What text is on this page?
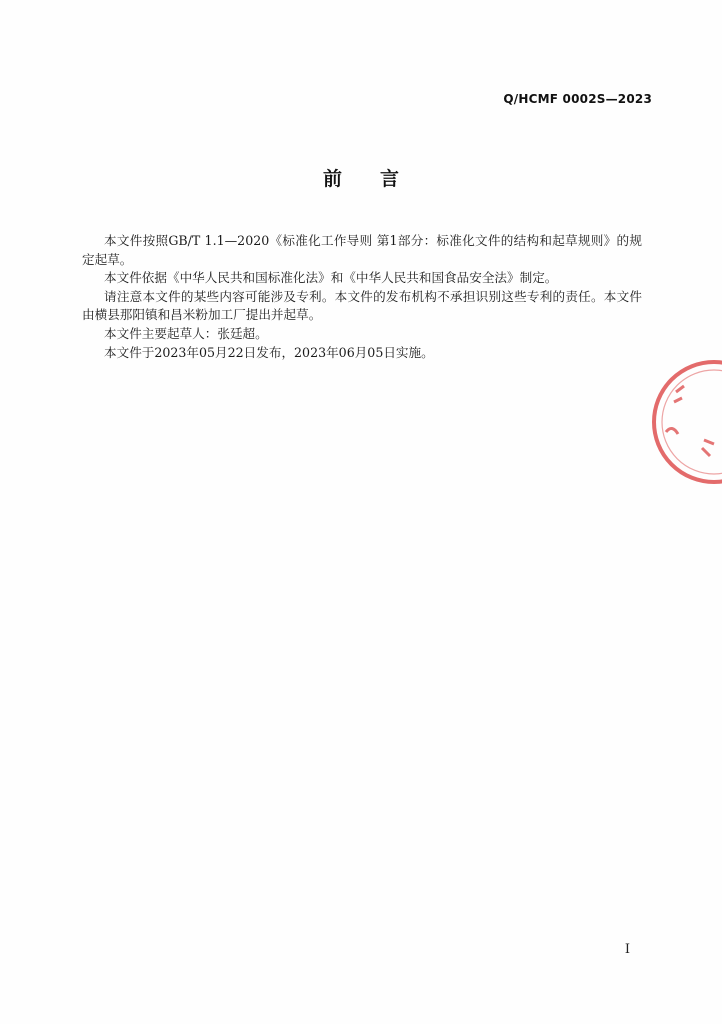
Q/HCMF 0002S—2023
前言

本文件按照GB/T 1.1—2020《标准化工作导则 第1部分：标准化文件的结构和起草规则》的规定起草。

本文件依据《中华人民共和国标准化法》和《中华人民共和国食品安全法》制定。

请注意本文件的某些内容可能涉及专利。本文件的发布机构不承担识别这些专利的责任。本文件由横县那阳镇和昌米粉加工厂提出并起草。

本文件主要起草人：张廷超。

本文件于2023年05月22日发布，2023年06月05日实施。

I
